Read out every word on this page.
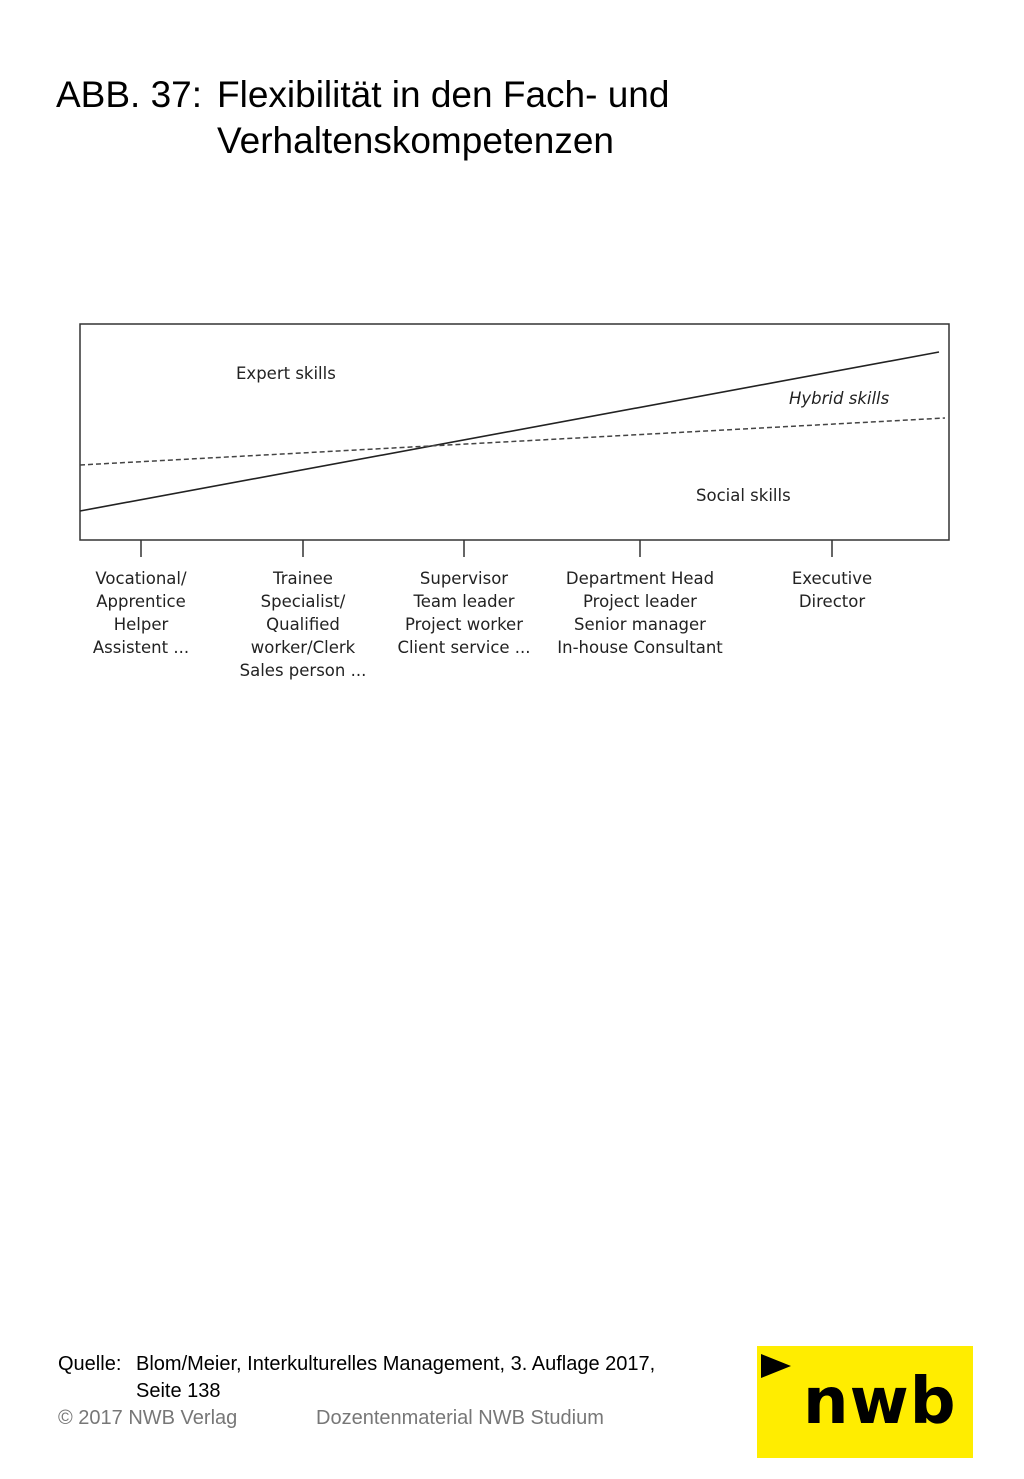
ABB. 37: Flexibilität in den Fach- und
Verhaltenskompetenzen
Expert skills
Hybrid skills
Social skills
Vocational/ Apprentice Helper Assistent ...
Trainee Specialist/ Qualified worker/Clerk Sales person ...
Supervisor Team leader Project worker Client service ...
Department Head Project leader Senior manager In-house Consultant
Executive Director
Quelle: Blom/Meier, Interkulturelles Management, 3. Auflage 2017,
Seite 138
© 2017 NWB Verlag	Dozentenmaterial NWB Studium	nwb
